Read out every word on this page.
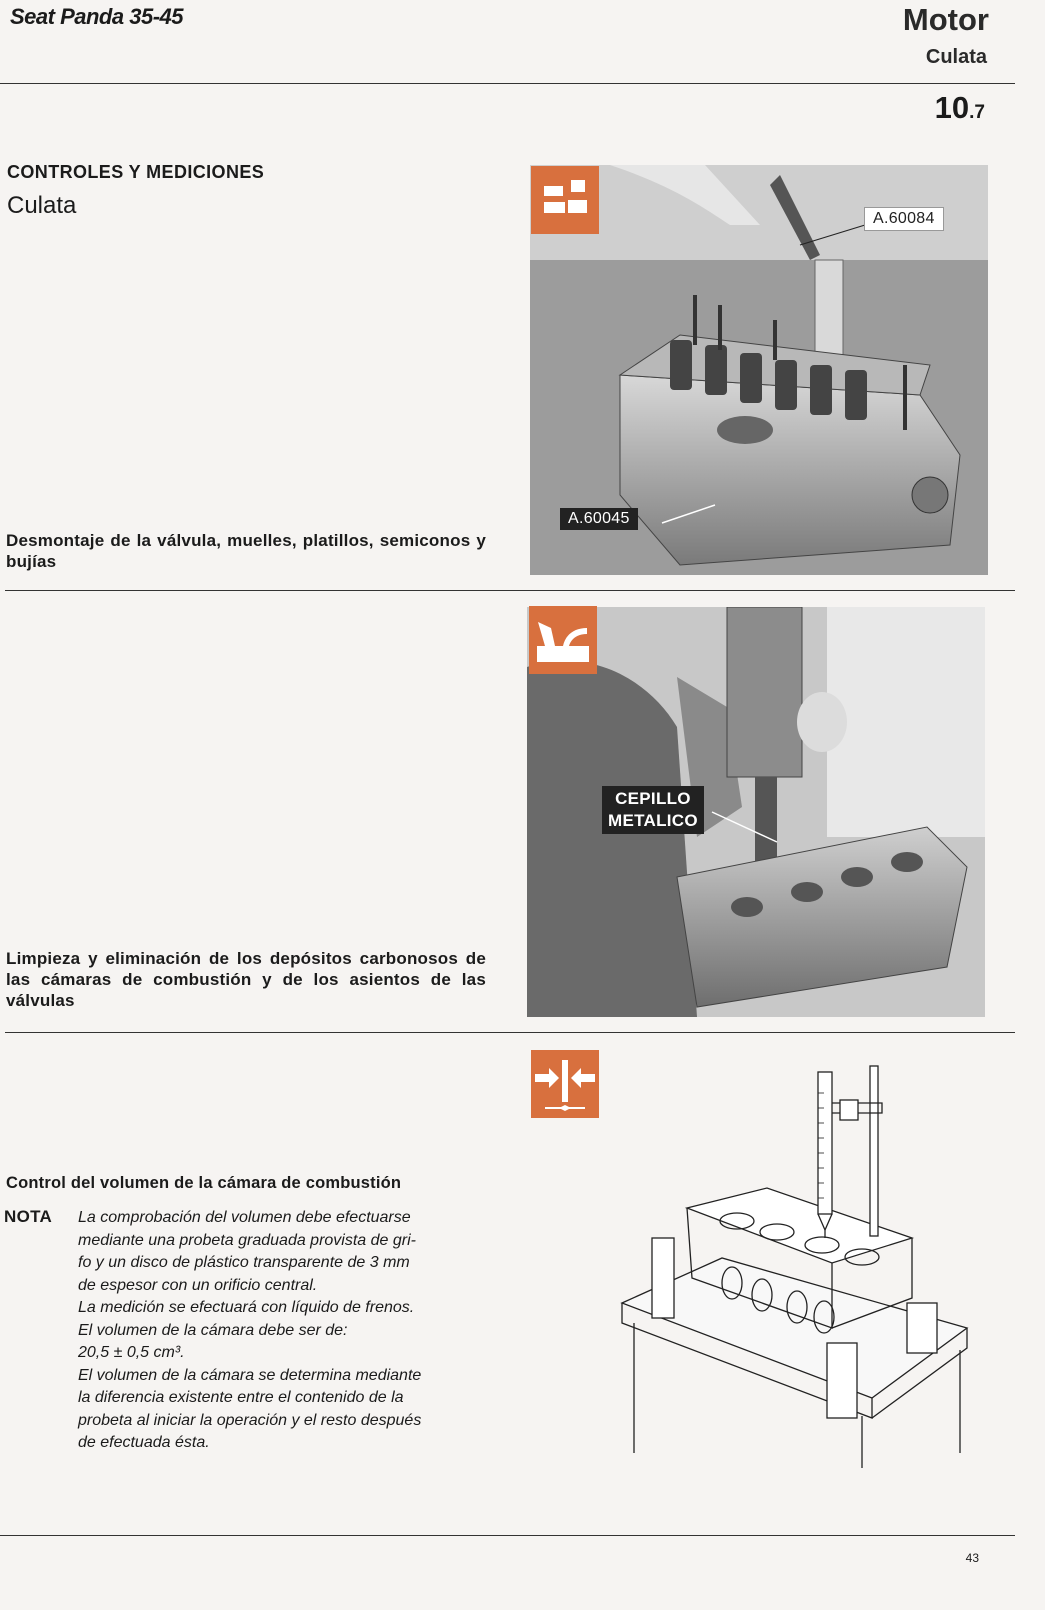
Seat Panda 35-45	Motor
Culata
10.7
CONTROLES Y MEDICIONES
Culata
Desmontaje de la válvula, muelles, platillos, semiconos y bujías
A.60084
A.60045
Limpieza y eliminación de los depósitos carbonosos de las cámaras de combustión y de los asientos de las válvulas
CEPILLO
METALICO
Control del volumen de la cámara de combustión
NOTA La comprobación del volumen debe efectuarse
mediante una probeta graduada provista de gri-
fo y un disco de plástico transparente de 3 mm
de espesor con un orificio central.
La medición se efectuará con líquido de frenos.
El volumen de la cámara debe ser de:
20,5 ± 0,5 cm³.
El volumen de la cámara se determina mediante
la diferencia existente entre el contenido de la
probeta al iniciar la operación y el resto después
de efectuada ésta.
43
